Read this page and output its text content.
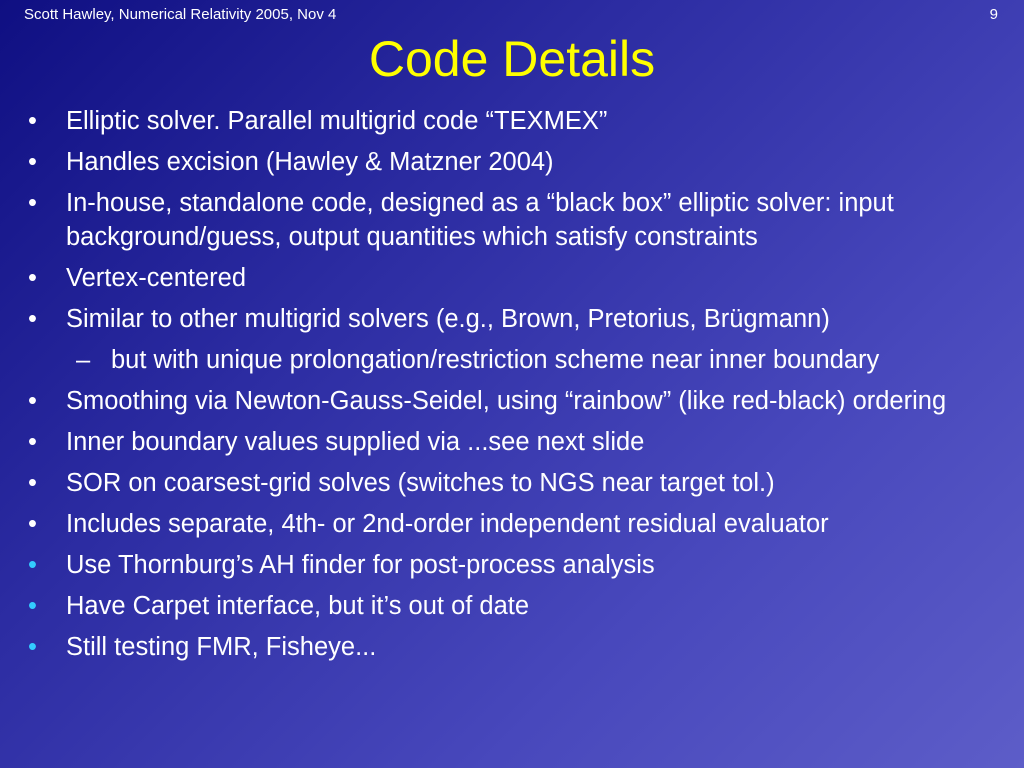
Scott Hawley, Numerical Relativity 2005, Nov 4	9
Code Details
• Elliptic solver. Parallel multigrid code “TEXMEX”
• Handles excision (Hawley & Matzner 2004)
• In-house, standalone code, designed as a “black box” elliptic solver: input background/guess, output quantities which satisfy constraints
• Vertex-centered
• Similar to other multigrid solvers (e.g., Brown, Pretorius, Brügmann)
– but with unique prolongation/restriction scheme near inner boundary
• Smoothing via Newton-Gauss-Seidel, using “rainbow” (like red-black) ordering
• Inner boundary values supplied via ...see next slide
• SOR on coarsest-grid solves (switches to NGS near target tol.)
• Includes separate, 4th- or 2nd-order independent residual evaluator
• Use Thornburg’s AH finder for post-process analysis
• Have Carpet interface, but it’s out of date
• Still testing FMR, Fisheye...
